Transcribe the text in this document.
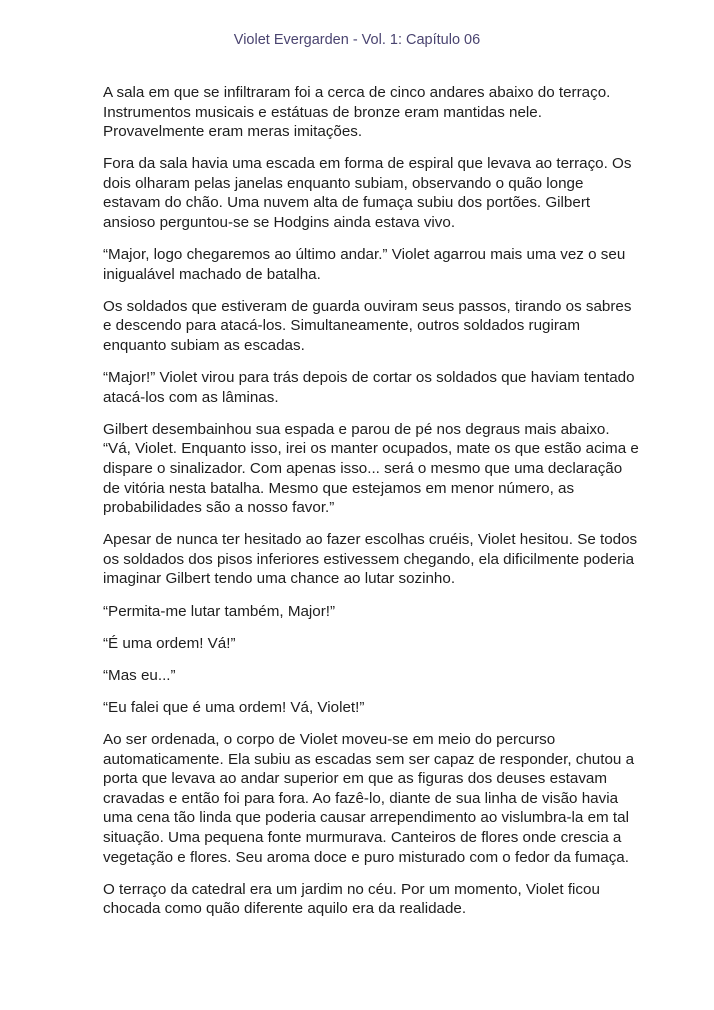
Violet Evergarden - Vol. 1: Capítulo 06
A sala em que se infiltraram foi a cerca de cinco andares abaixo do terraço.
Instrumentos musicais e estátuas de bronze eram mantidas nele.
Provavelmente eram meras imitações.
Fora da sala havia uma escada em forma de espiral que levava ao terraço. Os
dois olharam pelas janelas enquanto subiam, observando o quão longe
estavam do chão. Uma nuvem alta de fumaça subiu dos portões. Gilbert
ansioso perguntou-se se Hodgins ainda estava vivo.
“Major, logo chegaremos ao último andar.” Violet agarrou mais uma vez o seu
inigualável machado de batalha.
Os soldados que estiveram de guarda ouviram seus passos, tirando os sabres
e descendo para atacá-los. Simultaneamente, outros soldados rugiram
enquanto subiam as escadas.
“Major!” Violet virou para trás depois de cortar os soldados que haviam tentado
atacá-los com as lâminas.
Gilbert desembainhou sua espada e parou de pé nos degraus mais abaixo.
“Vá, Violet. Enquanto isso, irei os manter ocupados, mate os que estão acima e
dispare o sinalizador. Com apenas isso... será o mesmo que uma declaração
de vitória nesta batalha. Mesmo que estejamos em menor número, as
probabilidades são a nosso favor.”
Apesar de nunca ter hesitado ao fazer escolhas cruéis, Violet hesitou. Se todos
os soldados dos pisos inferiores estivessem chegando, ela dificilmente poderia
imaginar Gilbert tendo uma chance ao lutar sozinho.
“Permita-me lutar também, Major!”
“É uma ordem! Vá!”
“Mas eu...”
“Eu falei que é uma ordem! Vá, Violet!”
Ao ser ordenada, o corpo de Violet moveu-se em meio do percurso
automaticamente. Ela subiu as escadas sem ser capaz de responder, chutou a
porta que levava ao andar superior em que as figuras dos deuses estavam
cravadas e então foi para fora. Ao fazê-lo, diante de sua linha de visão havia
uma cena tão linda que poderia causar arrependimento ao vislumbra-la em tal
situação. Uma pequena fonte murmurava. Canteiros de flores onde crescia a
vegetação e flores. Seu aroma doce e puro misturado com o fedor da fumaça.
O terraço da catedral era um jardim no céu. Por um momento, Violet ficou
chocada como quão diferente aquilo era da realidade.
